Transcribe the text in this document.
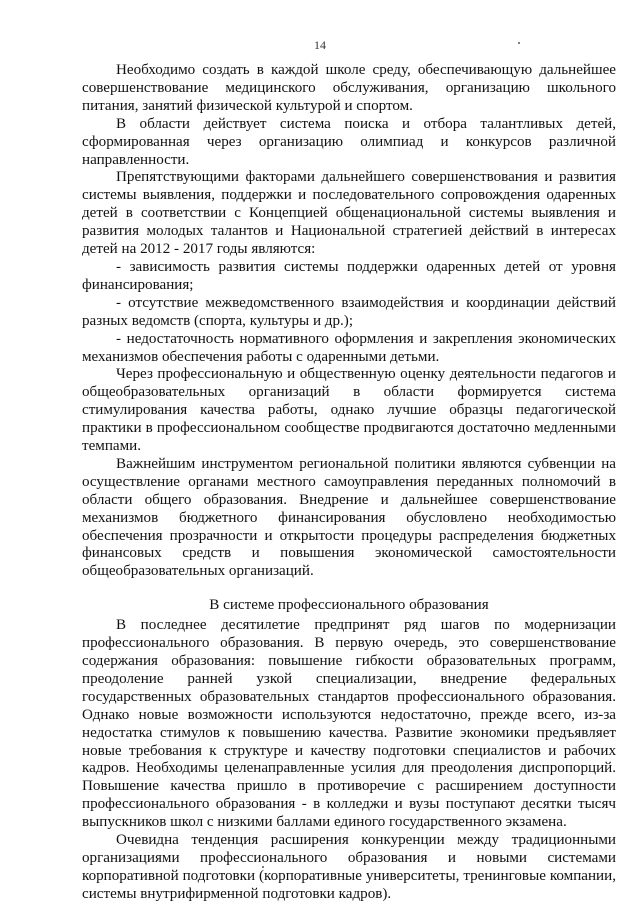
14

Необходимо создать в каждой школе среду, обеспечивающую дальнейшее совершенствование медицинского обслуживания, организацию школьного питания, занятий физической культурой и спортом.

В области действует система поиска и отбора талантливых детей, сформированная через организацию олимпиад и конкурсов различной направленности.

Препятствующими факторами дальнейшего совершенствования и развития системы выявления, поддержки и последовательного сопровождения одаренных детей в соответствии с Концепцией общенациональной системы выявления и развития молодых талантов и Национальной стратегией действий в интересах детей на 2012 - 2017 годы являются:

- зависимость развития системы поддержки одаренных детей от уровня финансирования;

- отсутствие межведомственного взаимодействия и координации действий разных ведомств (спорта, культуры и др.);

- недостаточность нормативного оформления и закрепления экономических механизмов обеспечения работы с одаренными детьми.

Через профессиональную и общественную оценку деятельности педагогов и общеобразовательных организаций в области формируется система стимулирования качества работы, однако лучшие образцы педагогической практики в профессиональном сообществе продвигаются достаточно медленными темпами.

Важнейшим инструментом региональной политики являются субвенции на осуществление органами местного самоуправления переданных полномочий в области общего образования. Внедрение и дальнейшее совершенствование механизмов бюджетного финансирования обусловлено необходимостью обеспечения прозрачности и открытости процедуры распределения бюджетных финансовых средств и повышения экономической самостоятельности общеобразовательных организаций.

В системе профессионального образования

В последнее десятилетие предпринят ряд шагов по модернизации профессионального образования. В первую очередь, это совершенствование содержания образования: повышение гибкости образовательных программ, преодоление ранней узкой специализации, внедрение федеральных государственных образовательных стандартов профессионального образования. Однако новые возможности используются недостаточно, прежде всего, из-за недостатка стимулов к повышению качества. Развитие экономики предъявляет новые требования к структуре и качеству подготовки специалистов и рабочих кадров. Необходимы целенаправленные усилия для преодоления диспропорций. Повышение качества пришло в противоречие с расширением доступности профессионального образования - в колледжи и вузы поступают десятки тысяч выпускников школ с низкими баллами единого государственного экзамена.

Очевидна тенденция расширения конкуренции между традиционными организациями профессионального образования и новыми системами корпоративной подготовки (корпоративные университеты, тренинговые компании, системы внутрифирменной подготовки кадров).
